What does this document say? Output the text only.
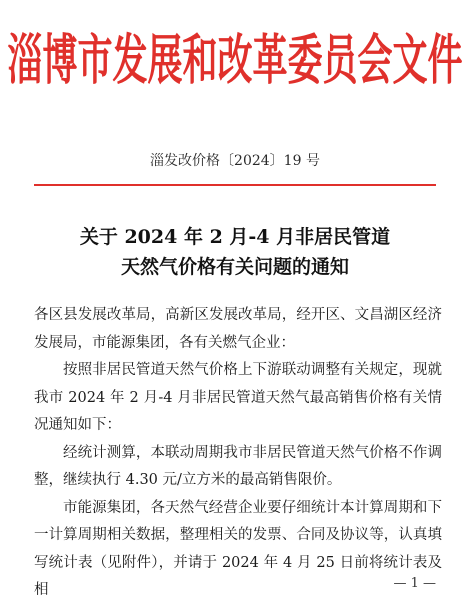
淄博市发展和改革委员会文件
淄发改价格〔2024〕19 号
关于 2024 年 2 月-4 月非居民管道
天然气价格有关问题的通知

各区县发展改革局，高新区发展改革局，经开区、文昌湖区经济发展局，市能源集团，各有关燃气企业：

按照非居民管道天然气价格上下游联动调整有关规定，现就我市 2024 年 2 月-4 月非居民管道天然气最高销售价格有关情况通知如下：

经统计测算，本联动周期我市非居民管道天然气价格不作调整，继续执行 4.30 元/立方米的最高销售限价。

市能源集团，各天然气经营企业要仔细统计本计算周期和下一计算周期相关数据，整理相关的发票、合同及协议等，认真填写统计表（见附件），并请于 2024 年 4 月 25 日前将统计表及相	— 1 —
